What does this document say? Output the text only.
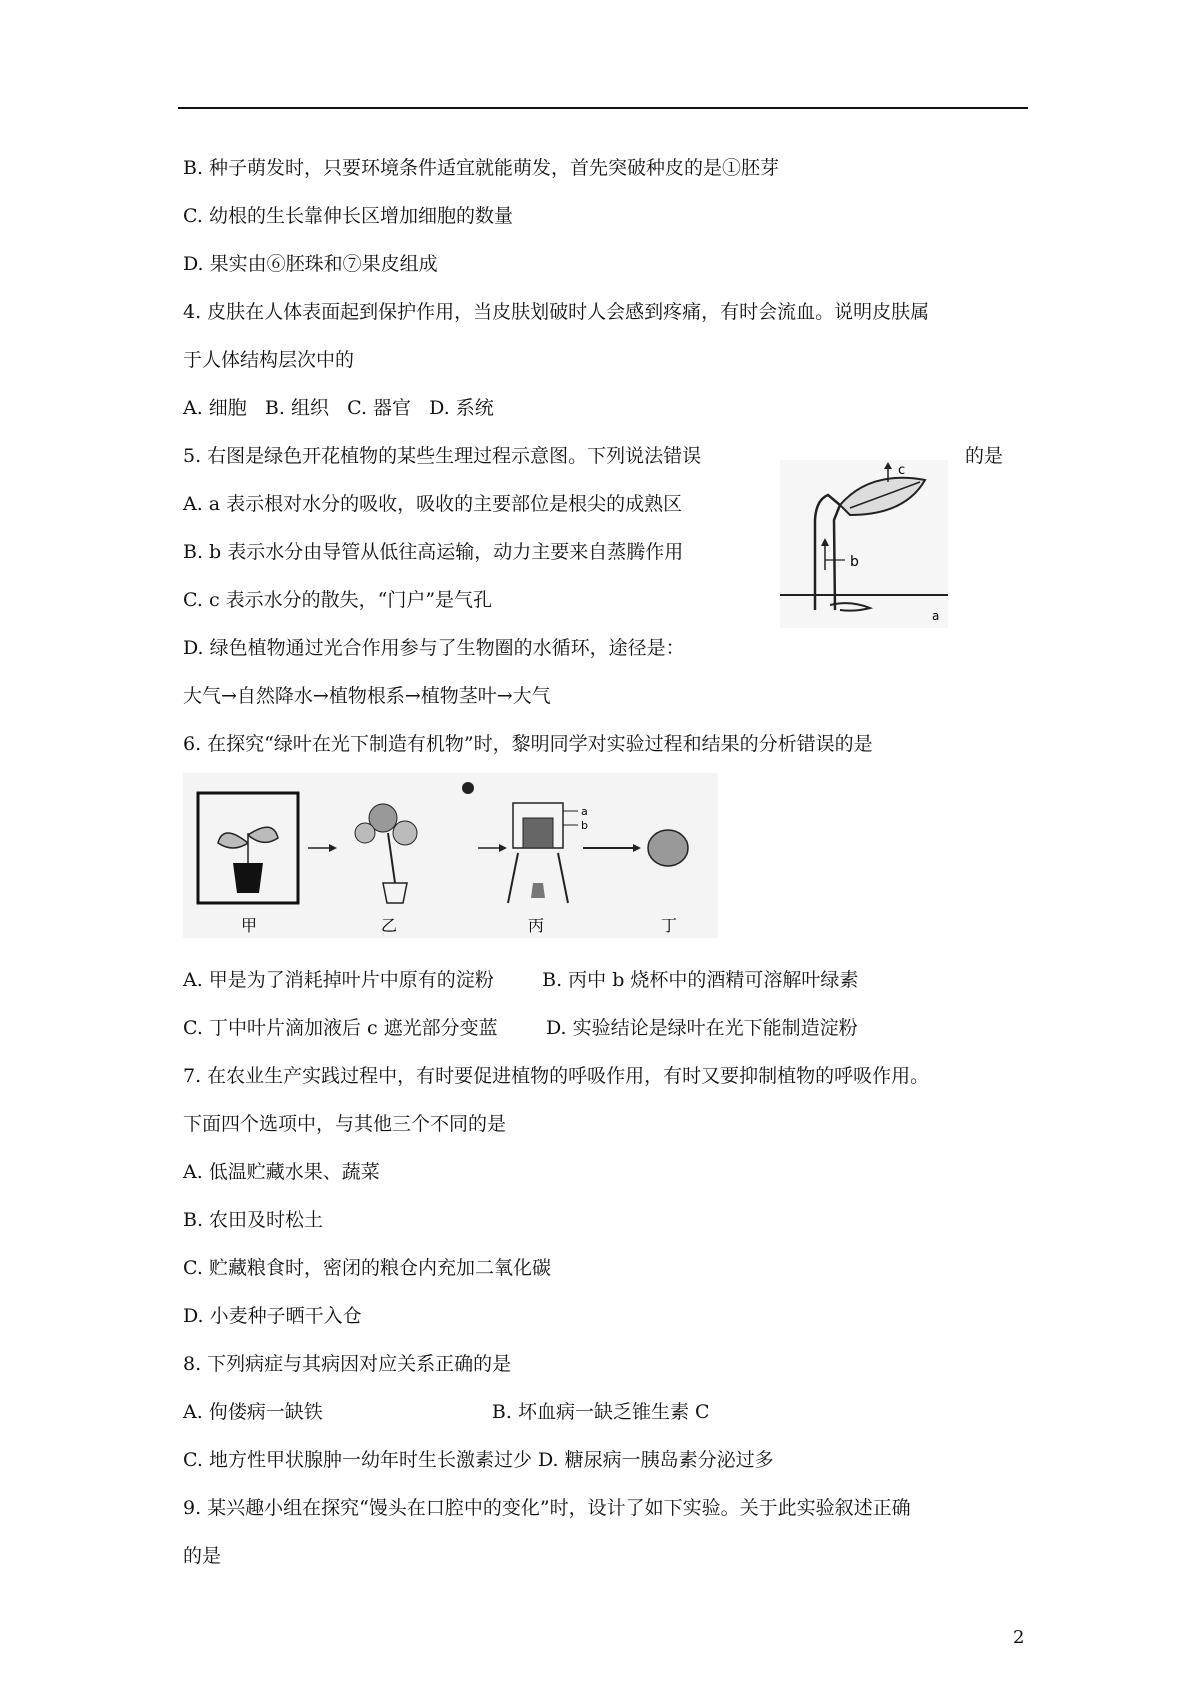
B. 种子萌发时，只要环境条件适宜就能萌发，首先突破种皮的是①胚芽
C. 幼根的生长靠伸长区增加细胞的数量
D. 果实由⑥胚珠和⑦果皮组成
4. 皮肤在人体表面起到保护作用，当皮肤划破时人会感到疼痛，有时会流血。说明皮肤属
于人体结构层次中的
A. 细胞   B. 组织   C. 器官   D. 系统
5. 右图是绿色开花植物的某些生理过程示意图。下列说法错误	的是
A. a 表示根对水分的吸收，吸收的主要部位是根尖的成熟区
B. b 表示水分由导管从低往高运输，动力主要来自蒸腾作用
C. c 表示水分的散失，“门户”是气孔
D. 绿色植物通过光合作用参与了生物圈的水循环，途径是：
大气→自然降水→植物根系→植物茎叶→大气
6. 在探究“绿叶在光下制造有机物”时，黎明同学对实验过程和结果的分析错误的是
c
b
a
a
b
甲	乙	丙	丁
A. 甲是为了消耗掉叶片中原有的淀粉        B. 丙中 b 烧杯中的酒精可溶解叶绿素
C. 丁中叶片滴加液后 c 遮光部分变蓝        D. 实验结论是绿叶在光下能制造淀粉
7. 在农业生产实践过程中，有时要促进植物的呼吸作用，有时又要抑制植物的呼吸作用。
下面四个选项中，与其他三个不同的是
A. 低温贮藏水果、蔬菜
B. 农田及时松土
C. 贮藏粮食时，密闭的粮仓内充加二氧化碳
D. 小麦种子晒干入仓
8. 下列病症与其病因对应关系正确的是
A. 佝偻病一缺铁                            B. 坏血病一缺乏锥生素 C
C. 地方性甲状腺肿一幼年时生长激素过少 D. 糖尿病一胰岛素分泌过多
9. 某兴趣小组在探究“馒头在口腔中的变化”时，设计了如下实验。关于此实验叙述正确
的是
2
